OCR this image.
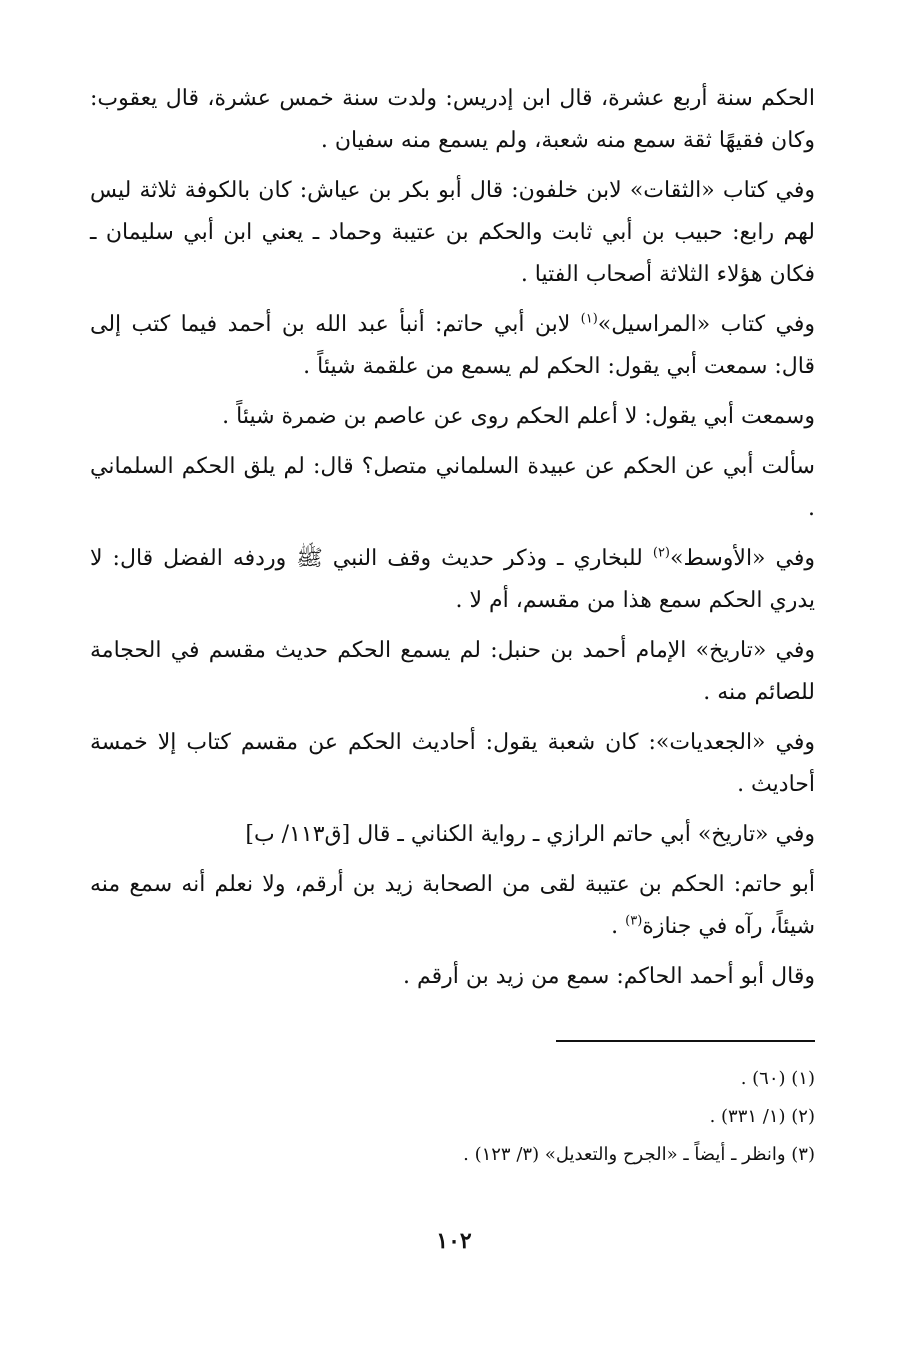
الحكم سنة أربع عشرة، قال ابن إدريس: ولدت سنة خمس عشرة، قال يعقوب: وكان فقيهًا ثقة سمع منه شعبة، ولم يسمع منه سفيان .

وفي كتاب «الثقات» لابن خلفون: قال أبو بكر بن عياش: كان بالكوفة ثلاثة ليس لهم رابع: حبيب بن أبي ثابت والحكم بن عتيبة وحماد ـ يعني ابن أبي سليمان ـ فكان هؤلاء الثلاثة أصحاب الفتيا .

وفي كتاب «المراسيل»$^{(١)}$ لابن أبي حاتم: أنبأ عبد الله بن أحمد فيما كتب إلى قال: سمعت أبي يقول: الحكم لم يسمع من علقمة شيئاً .

وسمعت أبي يقول: لا أعلم الحكم روى عن عاصم بن ضمرة شيئاً .

سألت أبي عن الحكم عن عبيدة السلماني متصل؟ قال: لم يلق الحكم السلماني .

وفي «الأوسط»$^{(٢)}$ للبخاري ـ وذكر حديث وقف النبي ﷺ وردفه الفضل قال: لا يدري الحكم سمع هذا من مقسم، أم لا .

وفي «تاريخ» الإمام أحمد بن حنبل: لم يسمع الحكم حديث مقسم في الحجامة للصائم منه .

وفي «الجعديات»: كان شعبة يقول: أحاديث الحكم عن مقسم كتاب إلا خمسة أحاديث .

وفي «تاريخ» أبي حاتم الرازي ـ رواية الكناني ـ قال [ق١١٣/ ب]

أبو حاتم: الحكم بن عتيبة لقى من الصحابة زيد بن أرقم، ولا نعلم أنه سمع منه شيئاً، رآه في جنازة$^{(٣)}$ .

وقال أبو أحمد الحاكم: سمع من زيد بن أرقم .

(١) (٦٠) .

(٢) (١/ ٣٣١) .

(٣) وانظر ـ أيضاً ـ «الجرح والتعديل» (٣/ ١٢٣) .

١٠٢
